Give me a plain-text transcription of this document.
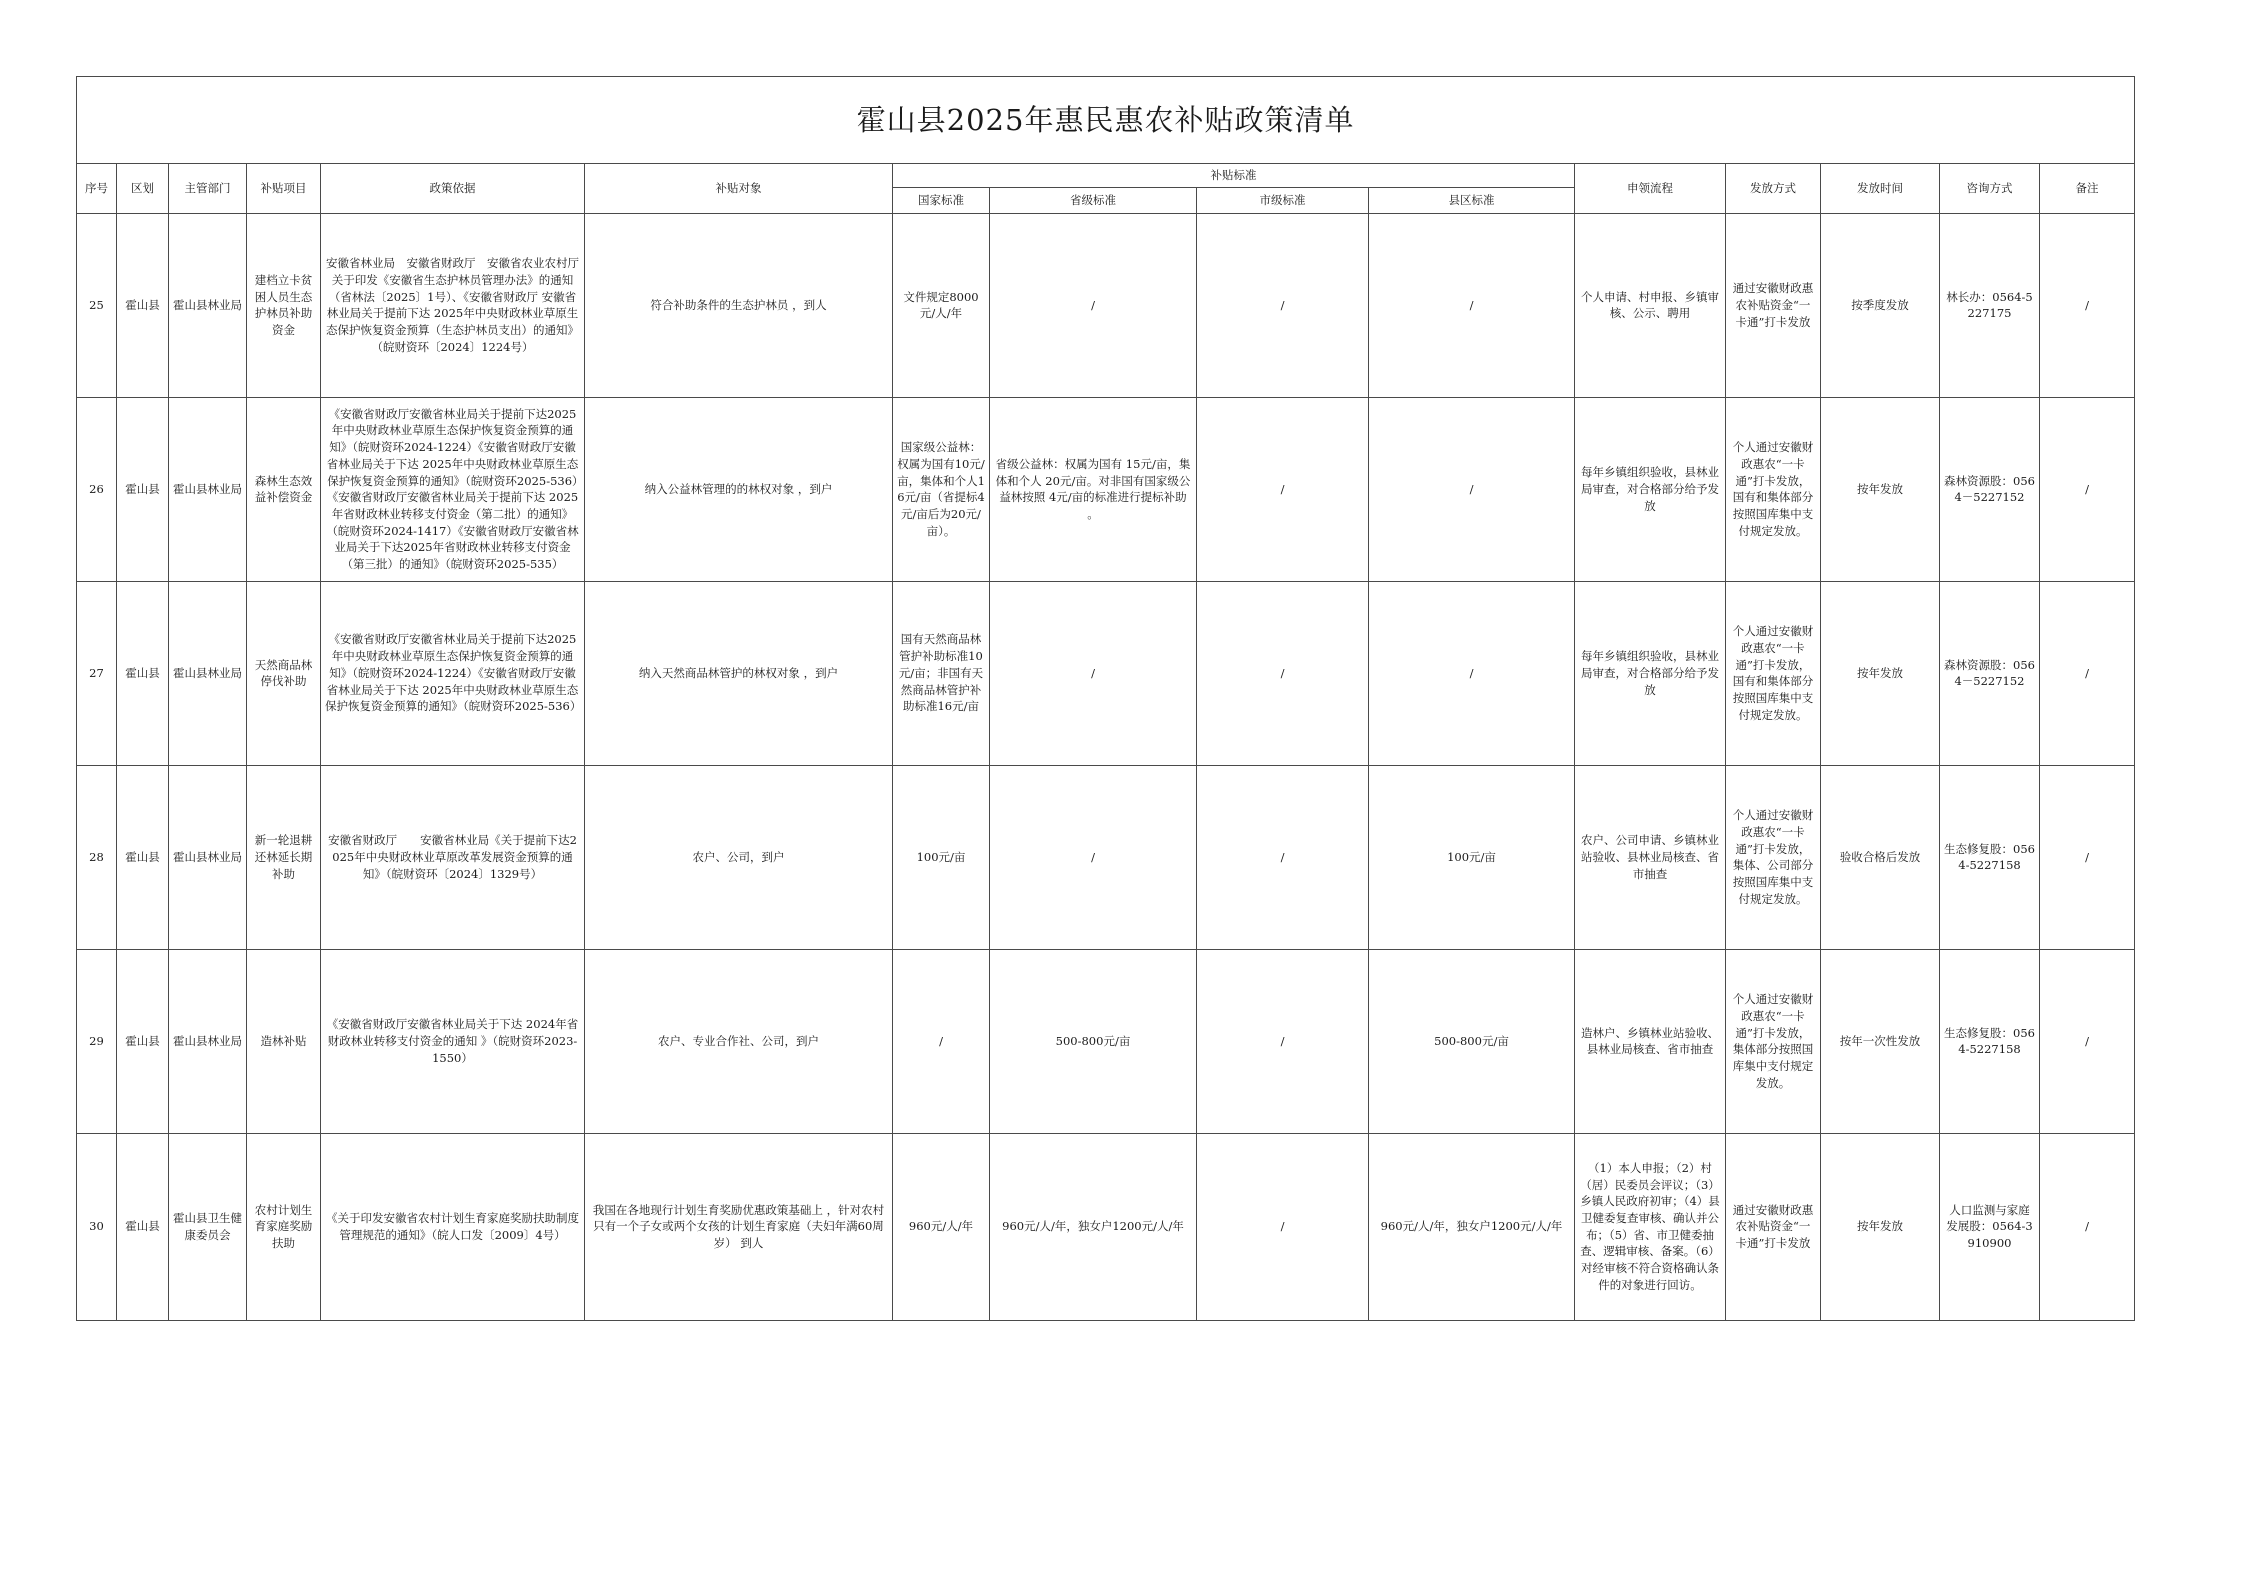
霍山县2025年惠民惠农补贴政策清单														
序号	区划	主管部门	补贴项目	政策依据	补贴对象	补贴标准				申领流程	发放方式	发放时间	咨询方式	备注
						国家标准	省级标准	市级标准	县区标准					
25	霍山县	霍山县林业局	建档立卡贫困人员生态护林员补助资金	安徽省林业局　安徽省财政厅　安徽省农业农村厅关于印发《安徽省生态护林员管理办法》的通知（省林法〔2025〕1号）、《安徽省财政厅 安徽省林业局关于提前下达 2025年中央财政林业草原生态保护恢复资金预算（生态护林员支出）的通知》（皖财资环〔2024〕1224号）	符合补助条件的生态护林员 ，到人	文件规定8000元/人/年	/	/	/	个人申请、村申报、乡镇审核、公示、聘用	通过安徽财政惠农补贴资金“一卡通”打卡发放	按季度发放	林长办：0564-5227175	/
26	霍山县	霍山县林业局	森林生态效益补偿资金	《安徽省财政厅安徽省林业局关于提前下达2025年中央财政林业草原生态保护恢复资金预算的通知》（皖财资环2024-1224）《安徽省财政厅安徽省林业局关于下达 2025年中央财政林业草原生态保护恢复资金预算的通知》（皖财资环2025-536）《安徽省财政厅安徽省林业局关于提前下达 2025年省财政林业转移支付资金（第二批）的通知》（皖财资环2024-1417）《安徽省财政厅安徽省林业局关于下达2025年省财政林业转移支付资金（第三批）的通知》（皖财资环2025-535）	纳入公益林管理的的林权对象 ，到户	国家级公益林：权属为国有10元/亩，集体和个人16元/亩（省提标4元/亩后为20元/亩）。	省级公益林：权属为国有 15元/亩，集体和个人 20元/亩。对非国有国家级公益林按照 4元/亩的标准进行提标补助 。	/	/	每年乡镇组织验收，县林业局审查，对合格部分给予发放	个人通过安徽财政惠农“一卡通”打卡发放，国有和集体部分按照国库集中支付规定发放。	按年发放	森林资源股：0564－5227152	/
27	霍山县	霍山县林业局	天然商品林停伐补助	《安徽省财政厅安徽省林业局关于提前下达2025年中央财政林业草原生态保护恢复资金预算的通知》（皖财资环2024-1224）《安徽省财政厅安徽省林业局关于下达 2025年中央财政林业草原生态保护恢复资金预算的通知》（皖财资环2025-536）	纳入天然商品林管护的林权对象 ，到户	国有天然商品林管护补助标准10元/亩；非国有天然商品林管护补助标准16元/亩	/	/	/	每年乡镇组织验收，县林业局审查，对合格部分给予发放	个人通过安徽财政惠农“一卡通”打卡发放，国有和集体部分按照国库集中支付规定发放。	按年发放	森林资源股：0564－5227152	/
28	霍山县	霍山县林业局	新一轮退耕还林延长期补助	安徽省财政厅　　安徽省林业局《关于提前下达2025年中央财政林业草原改革发展资金预算的通知》（皖财资环〔2024〕1329号）	农户、公司，到户	100元/亩	/	/	100元/亩	农户、公司申请、乡镇林业站验收、县林业局核查、省市抽查	个人通过安徽财政惠农“一卡通”打卡发放，集体、公司部分按照国库集中支付规定发放。	验收合格后发放	生态修复股：0564-5227158	/
29	霍山县	霍山县林业局	造林补贴	《安徽省财政厅安徽省林业局关于下达 2024年省财政林业转移支付资金的通知 》（皖财资环2023-1550）	农户、专业合作社、公司，到户	/	500-800元/亩	/	500-800元/亩	造林户、乡镇林业站验收、县林业局核查、省市抽查	个人通过安徽财政惠农“一卡通”打卡发放，集体部分按照国库集中支付规定发放。	按年一次性发放	生态修复股：0564-5227158	/
30	霍山县	霍山县卫生健康委员会	农村计划生育家庭奖励扶助	《关于印发安徽省农村计划生育家庭奖励扶助制度管理规范的通知》（皖人口发〔2009〕4号）	我国在各地现行计划生育奖励优惠政策基础上 ，针对农村只有一个子女或两个女孩的计划生育家庭（夫妇年满60周岁） 到人	960元/人/年	960元/人/年，独女户1200元/人/年	/	960元/人/年，独女户1200元/人/年	（1）本人申报；（2）村（居）民委员会评议；（3）乡镇人民政府初审；（4）县卫健委复查审核、确认并公布；（5）省、市卫健委抽查、逻辑审核、备案。（6）对经审核不符合资格确认条件的对象进行回访。	通过安徽财政惠农补贴资金“一卡通”打卡发放	按年发放	人口监测与家庭发展股：0564-3910900	/
